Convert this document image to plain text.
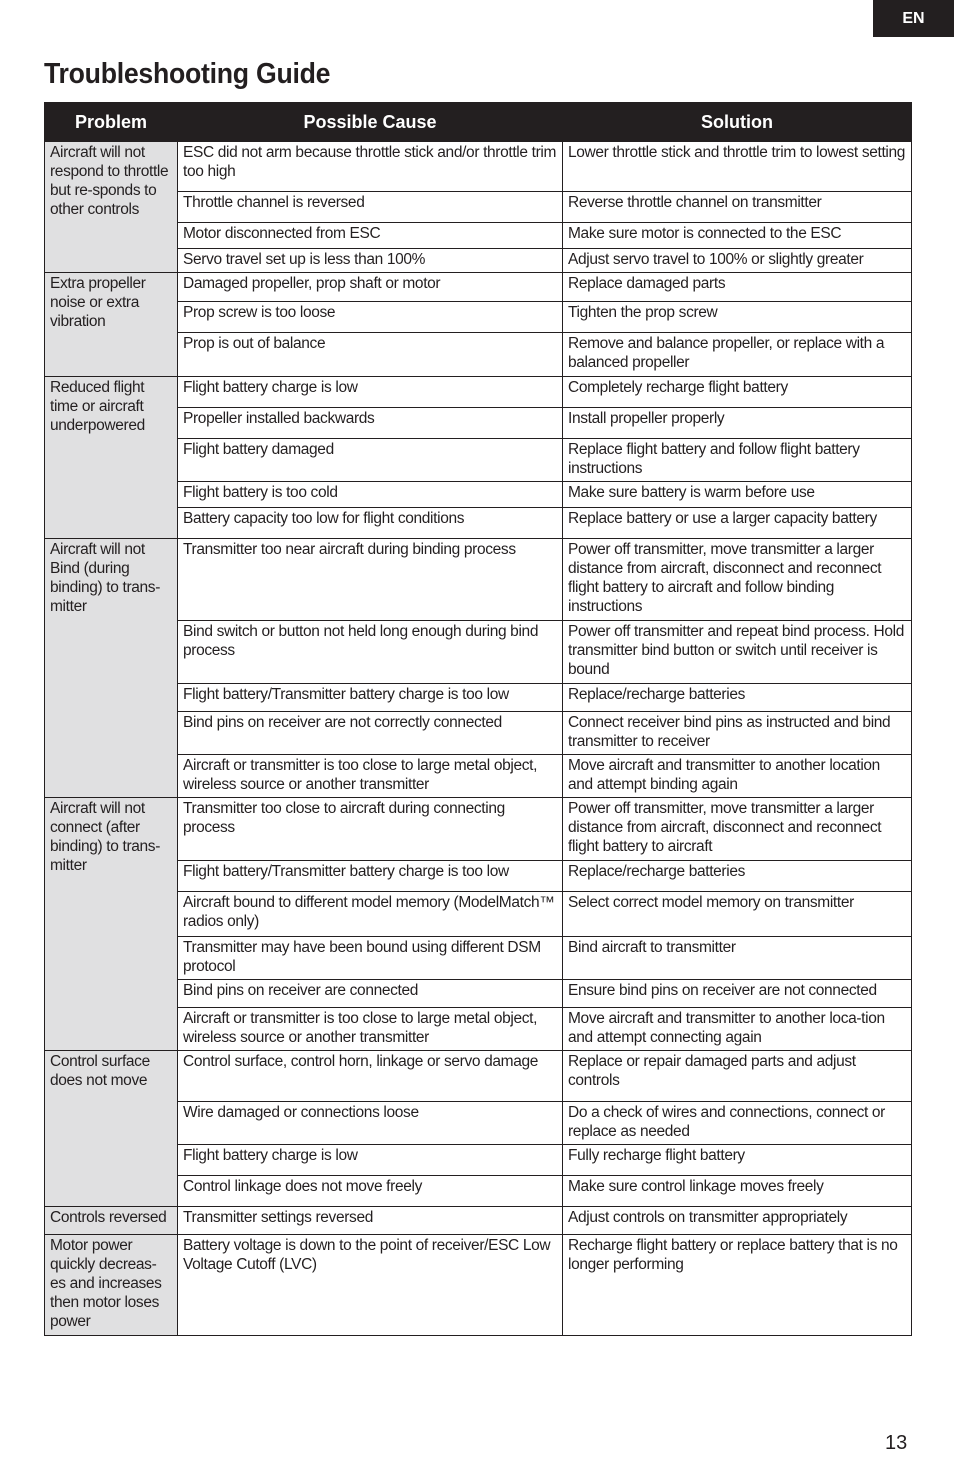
EN
Troubleshooting Guide
Problem	Possible Cause	Solution

Aircraft will not respond to throttle but re-sponds to other controls	ESC did not arm because throttle stick and/or throttle trim too high	Lower throttle stick and throttle trim to lowest setting

	Throttle channel is reversed	Reverse throttle channel on transmitter

	Motor disconnected from ESC	Make sure motor is connected to the ESC

	Servo travel set up is less than 100%	Adjust servo travel to 100% or slightly greater

Extra propeller noise or extra vibration	Damaged propeller, prop shaft or motor	Replace damaged parts

	Prop screw is too loose	Tighten the prop screw

	Prop is out of balance	Remove and balance propeller, or replace with a balanced propeller

Reduced flight time or aircraft underpowered	Flight battery charge is low	Completely recharge flight battery

	Propeller installed backwards	Install propeller properly

	Flight battery damaged	Replace flight battery and follow flight battery instructions

	Flight battery is too cold	Make sure battery is warm before use

	Battery capacity too low for flight conditions	Replace battery or use a larger capacity battery

Aircraft will not Bind (during binding) to trans-mitter	Transmitter too near aircraft during binding process	Power off transmitter, move transmitter a larger distance from aircraft, disconnect and reconnect flight battery to aircraft and follow binding instructions

	Bind switch or button not held long enough during bind process	Power off transmitter and repeat bind process. Hold transmitter bind button or switch until receiver is bound

	Flight battery/Transmitter battery charge is too low	Replace/recharge batteries

	Bind pins on receiver are not correctly connected	Connect receiver bind pins as instructed and bind transmitter to receiver

	Aircraft or transmitter is too close to large metal object, wireless source or another transmitter	Move aircraft and transmitter to another location and attempt binding again

Aircraft will not connect (after binding) to trans-mitter	Transmitter too close to aircraft during connecting process	Power off transmitter, move transmitter a larger distance from aircraft, disconnect and reconnect flight battery to aircraft

	Flight battery/Transmitter battery charge is too low	Replace/recharge batteries

	Aircraft bound to different model memory (ModelMatch™ radios only)	Select correct model memory on transmitter

	Transmitter may have been bound using different DSM protocol	Bind aircraft to transmitter

	Bind pins on receiver are connected	Ensure bind pins on receiver are not connected

	Aircraft or transmitter is too close to large metal object, wireless source or another transmitter	Move aircraft and transmitter to another loca-tion and attempt connecting again

Control surface does not move	Control surface, control horn, linkage or servo damage	Replace or repair damaged parts and adjust controls

	Wire damaged or connections loose	Do a check of wires and connections, connect or replace as needed

	Flight battery charge is low	Fully recharge flight battery

	Control linkage does not move freely	Make sure control linkage moves freely

Controls reversed	Transmitter settings reversed	Adjust controls on transmitter appropriately

Motor power quickly decreas-es and increases then motor loses power	Battery voltage is down to the point of receiver/ESC Low Voltage Cutoff (LVC)	Recharge flight battery or replace battery that is no longer performing
13
